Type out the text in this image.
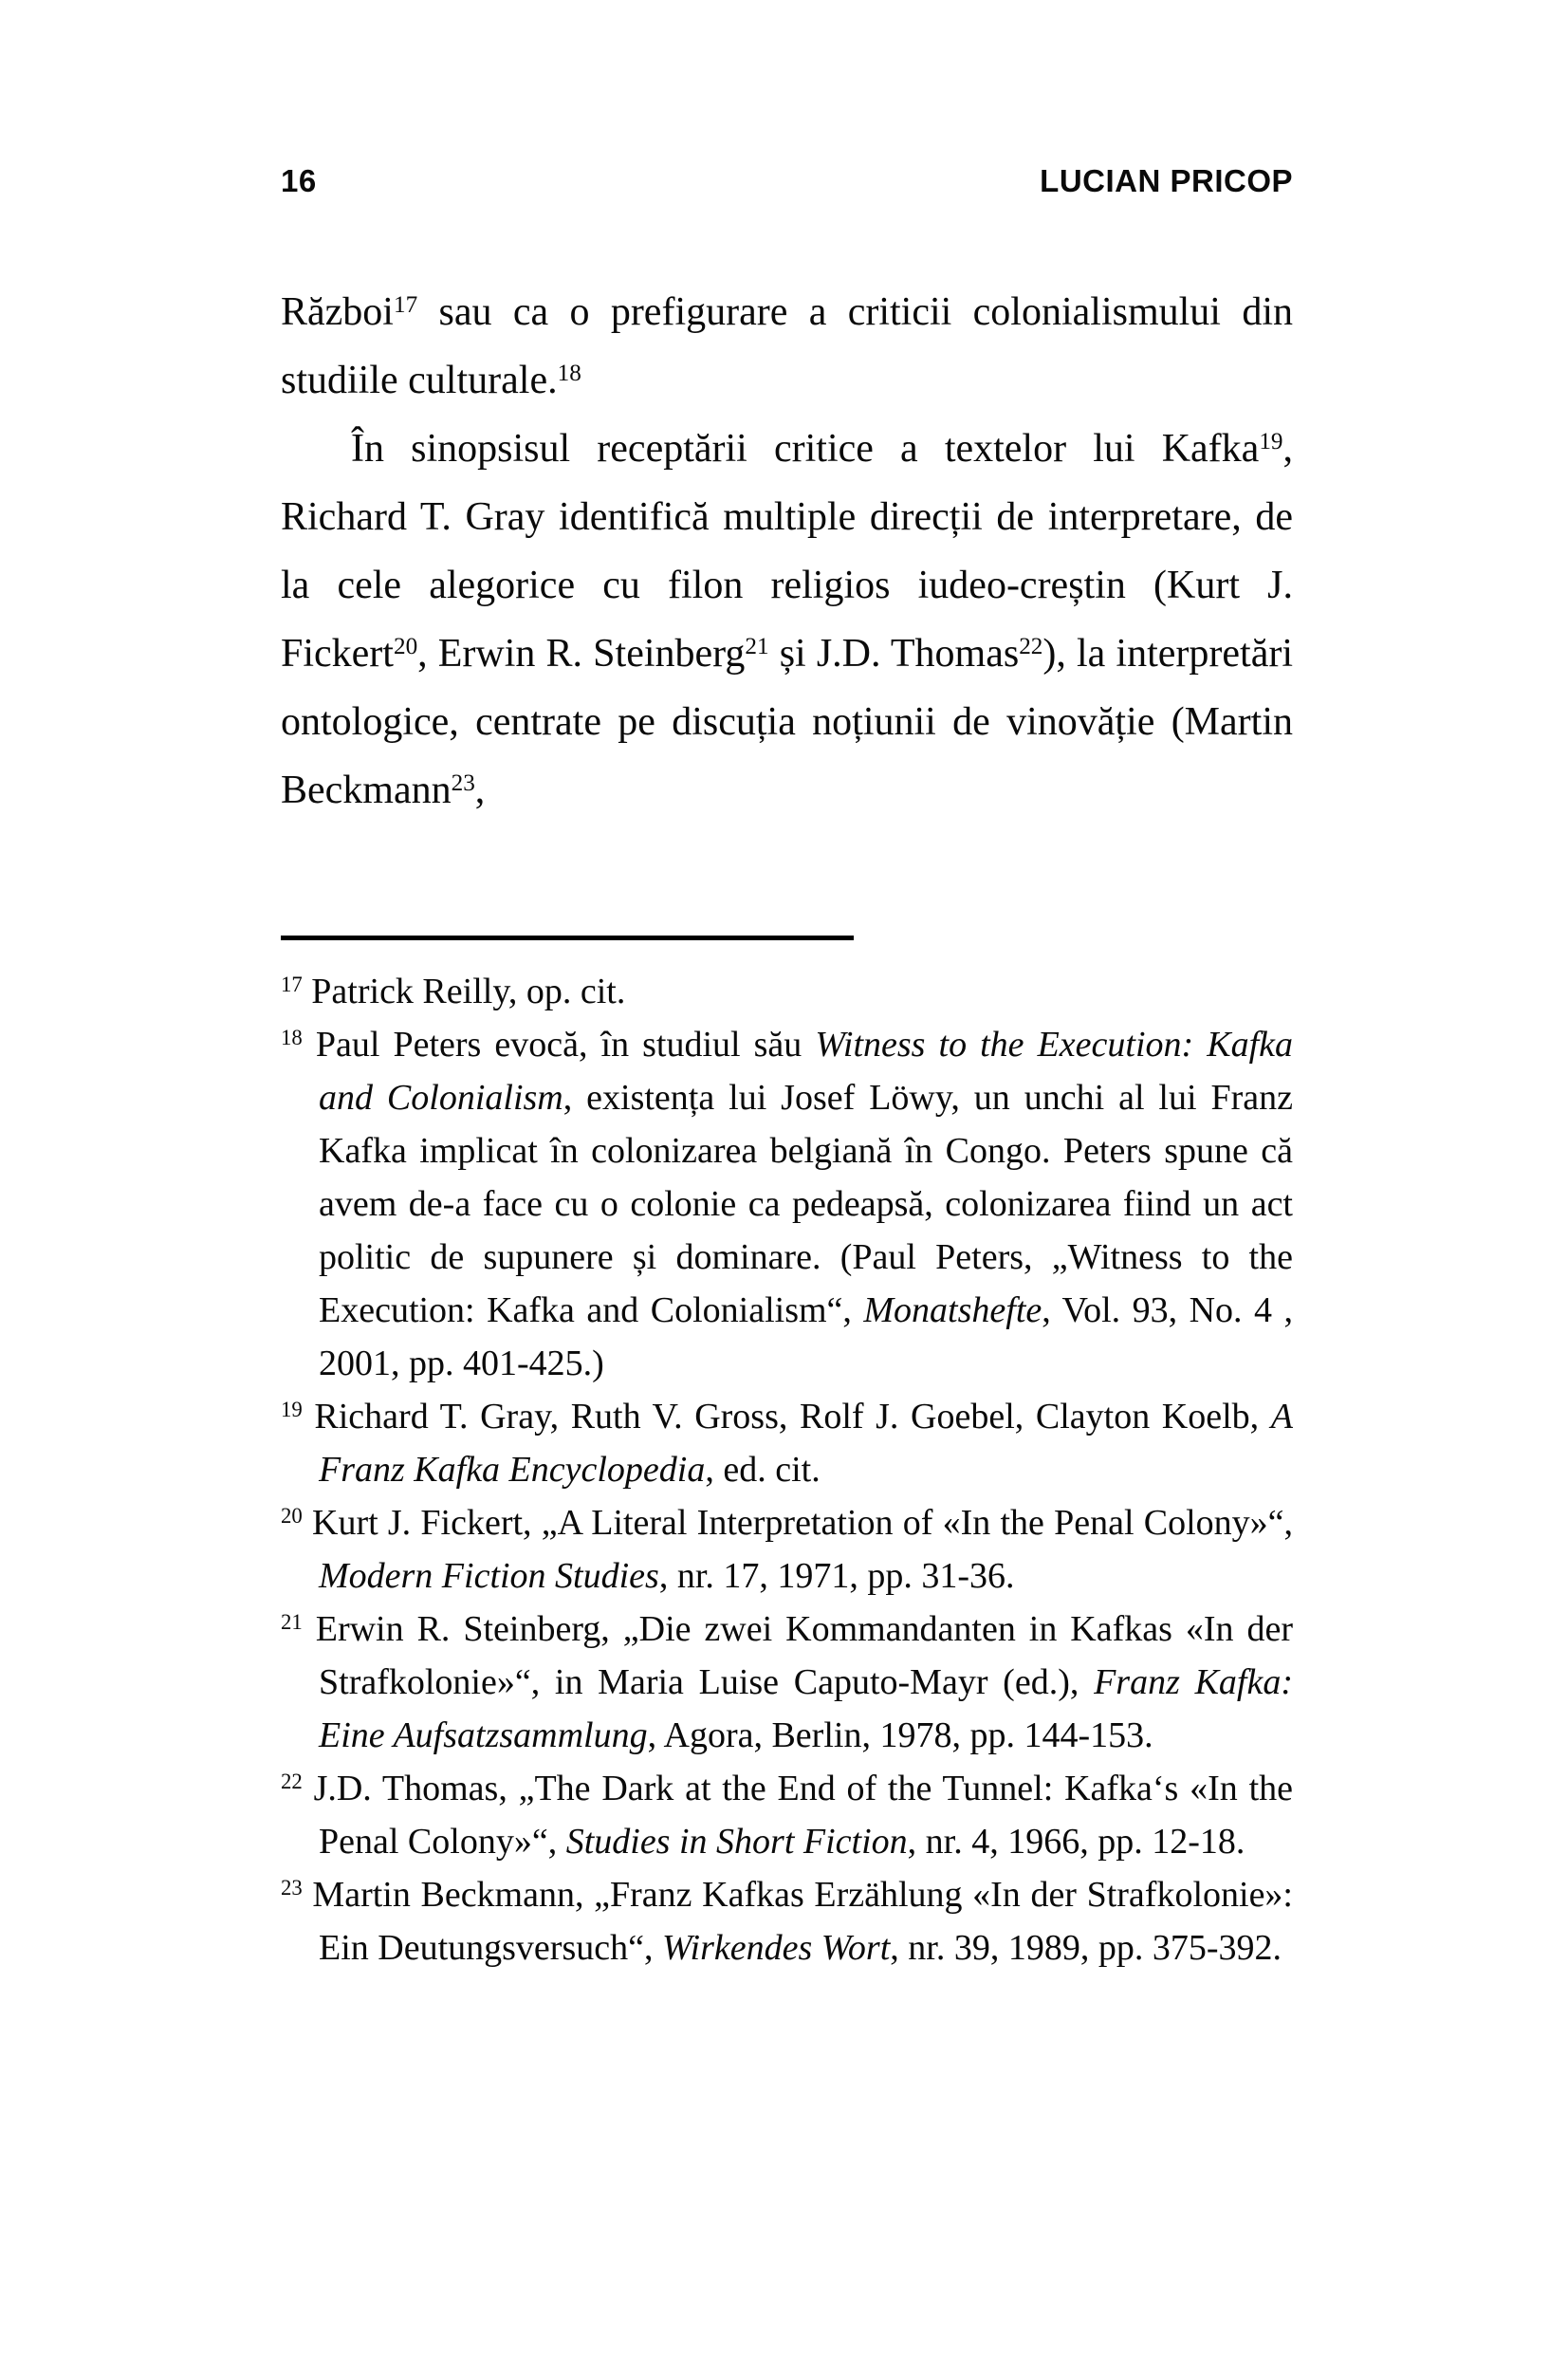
16	LUCIAN PRICOP

Război$^{17}$ sau ca o prefigurare a criticii colonialismului din studiile culturale.$^{18}$

În sinopsisul receptării critice a textelor lui Kafka$^{19}$, Richard T. Gray identifică multiple direcții de interpretare, de la cele alegorice cu filon religios iudeo-creștin (Kurt J. Fickert$^{20}$, Erwin R. Steinberg$^{21}$ și J.D. Thomas$^{22}$), la interpretări ontologice, centrate pe discuția noțiunii de vinovăție (Martin Beckmann$^{23}$,

$^{17}$ Patrick Reilly, op. cit.

$^{18}$ Paul Peters evocă, în studiul său Witness to the Execution: Kafka and Colonialism, existența lui Josef Löwy, un unchi al lui Franz Kafka implicat în colonizarea belgiană în Congo. Peters spune că avem de-a face cu o colonie ca pedeapsă, colonizarea fiind un act politic de supunere și dominare. (Paul Peters, „Witness to the Execution: Kafka and Colonialism“, Monatshefte, Vol. 93, No. 4 , 2001, pp. 401-425.)

$^{19}$ Richard T. Gray, Ruth V. Gross, Rolf J. Goebel, Clayton Koelb, A Franz Kafka Encyclopedia, ed. cit.

$^{20}$ Kurt J. Fickert, „A Literal Interpretation of «In the Penal Colony»“, Modern Fiction Studies, nr. 17, 1971, pp. 31-36.

$^{21}$ Erwin R. Steinberg, „Die zwei Kommandanten in Kafkas «In der Strafkolonie»“, in Maria Luise Caputo-Mayr (ed.), Franz Kafka: Eine Aufsatzsammlung, Agora, Berlin, 1978, pp. 144-153.

$^{22}$ J.D. Thomas, „The Dark at the End of the Tunnel: Kafka‘s «In the Penal Colony»“, Studies in Short Fiction, nr. 4, 1966, pp. 12-18.

$^{23}$ Martin Beckmann, „Franz Kafkas Erzählung «In der Strafkolonie»: Ein Deutungsversuch“, Wirkendes Wort, nr. 39, 1989, pp. 375-392.
